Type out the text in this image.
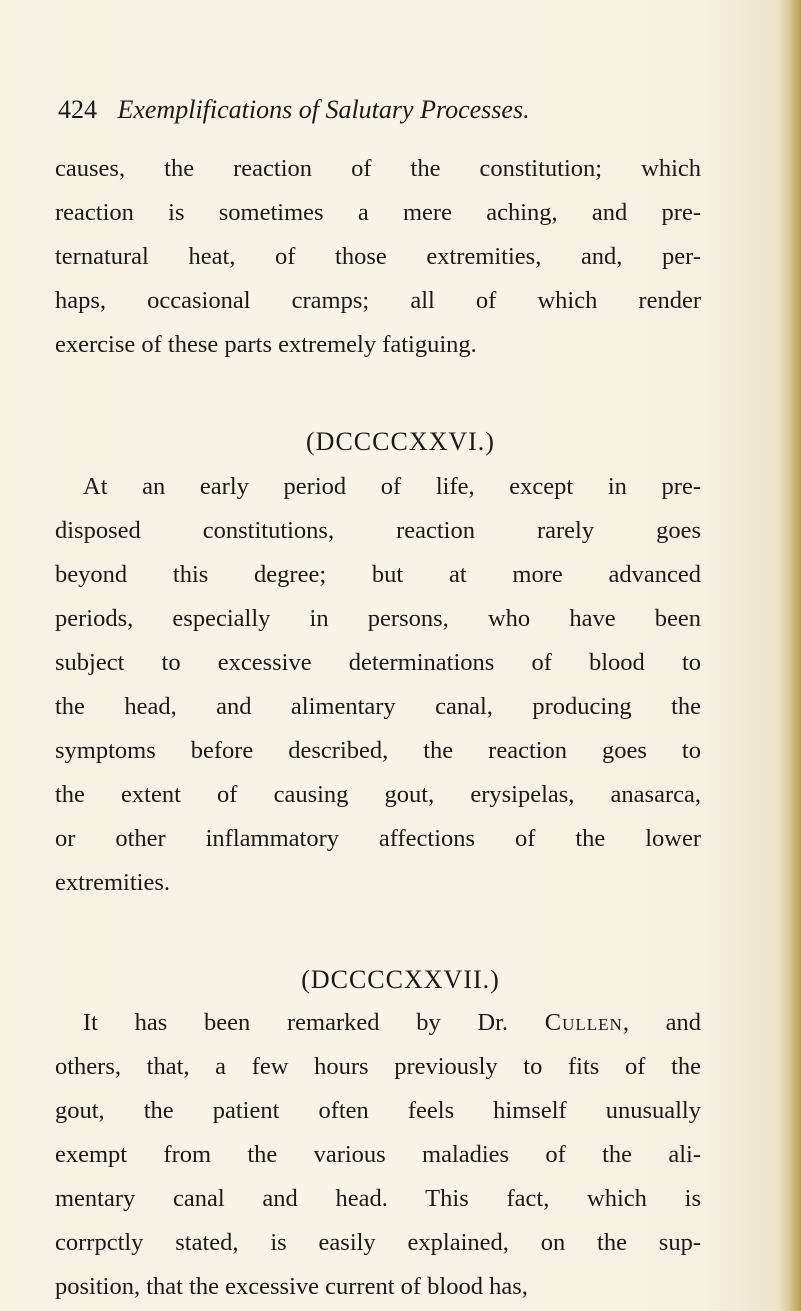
424 Exemplifications of Salutary Processes.
causes, the reaction of the constitution; which
reaction is sometimes a mere aching, and pre-
ternatural heat, of those extremities, and, per-
haps, occasional cramps; all of which render
exercise of these parts extremely fatiguing.
(DCCCCXXVI.)
At an early period of life, except in pre-
disposed constitutions, reaction rarely goes
beyond this degree; but at more advanced
periods, especially in persons, who have been
subject to excessive determinations of blood to
the head, and alimentary canal, producing the
symptoms before described, the reaction goes to
the extent of causing gout, erysipelas, anasarca,
or other inflammatory affections of the lower
extremities.
(DCCCCXXVII.)
It has been remarked by Dr. Cullen, and
others, that, a few hours previously to fits of the
gout, the patient often feels himself unusually
exempt from the various maladies of the ali-
mentary canal and head. This fact, which is
corrpctly stated, is easily explained, on the sup-
position, that the excessive current of blood has,
